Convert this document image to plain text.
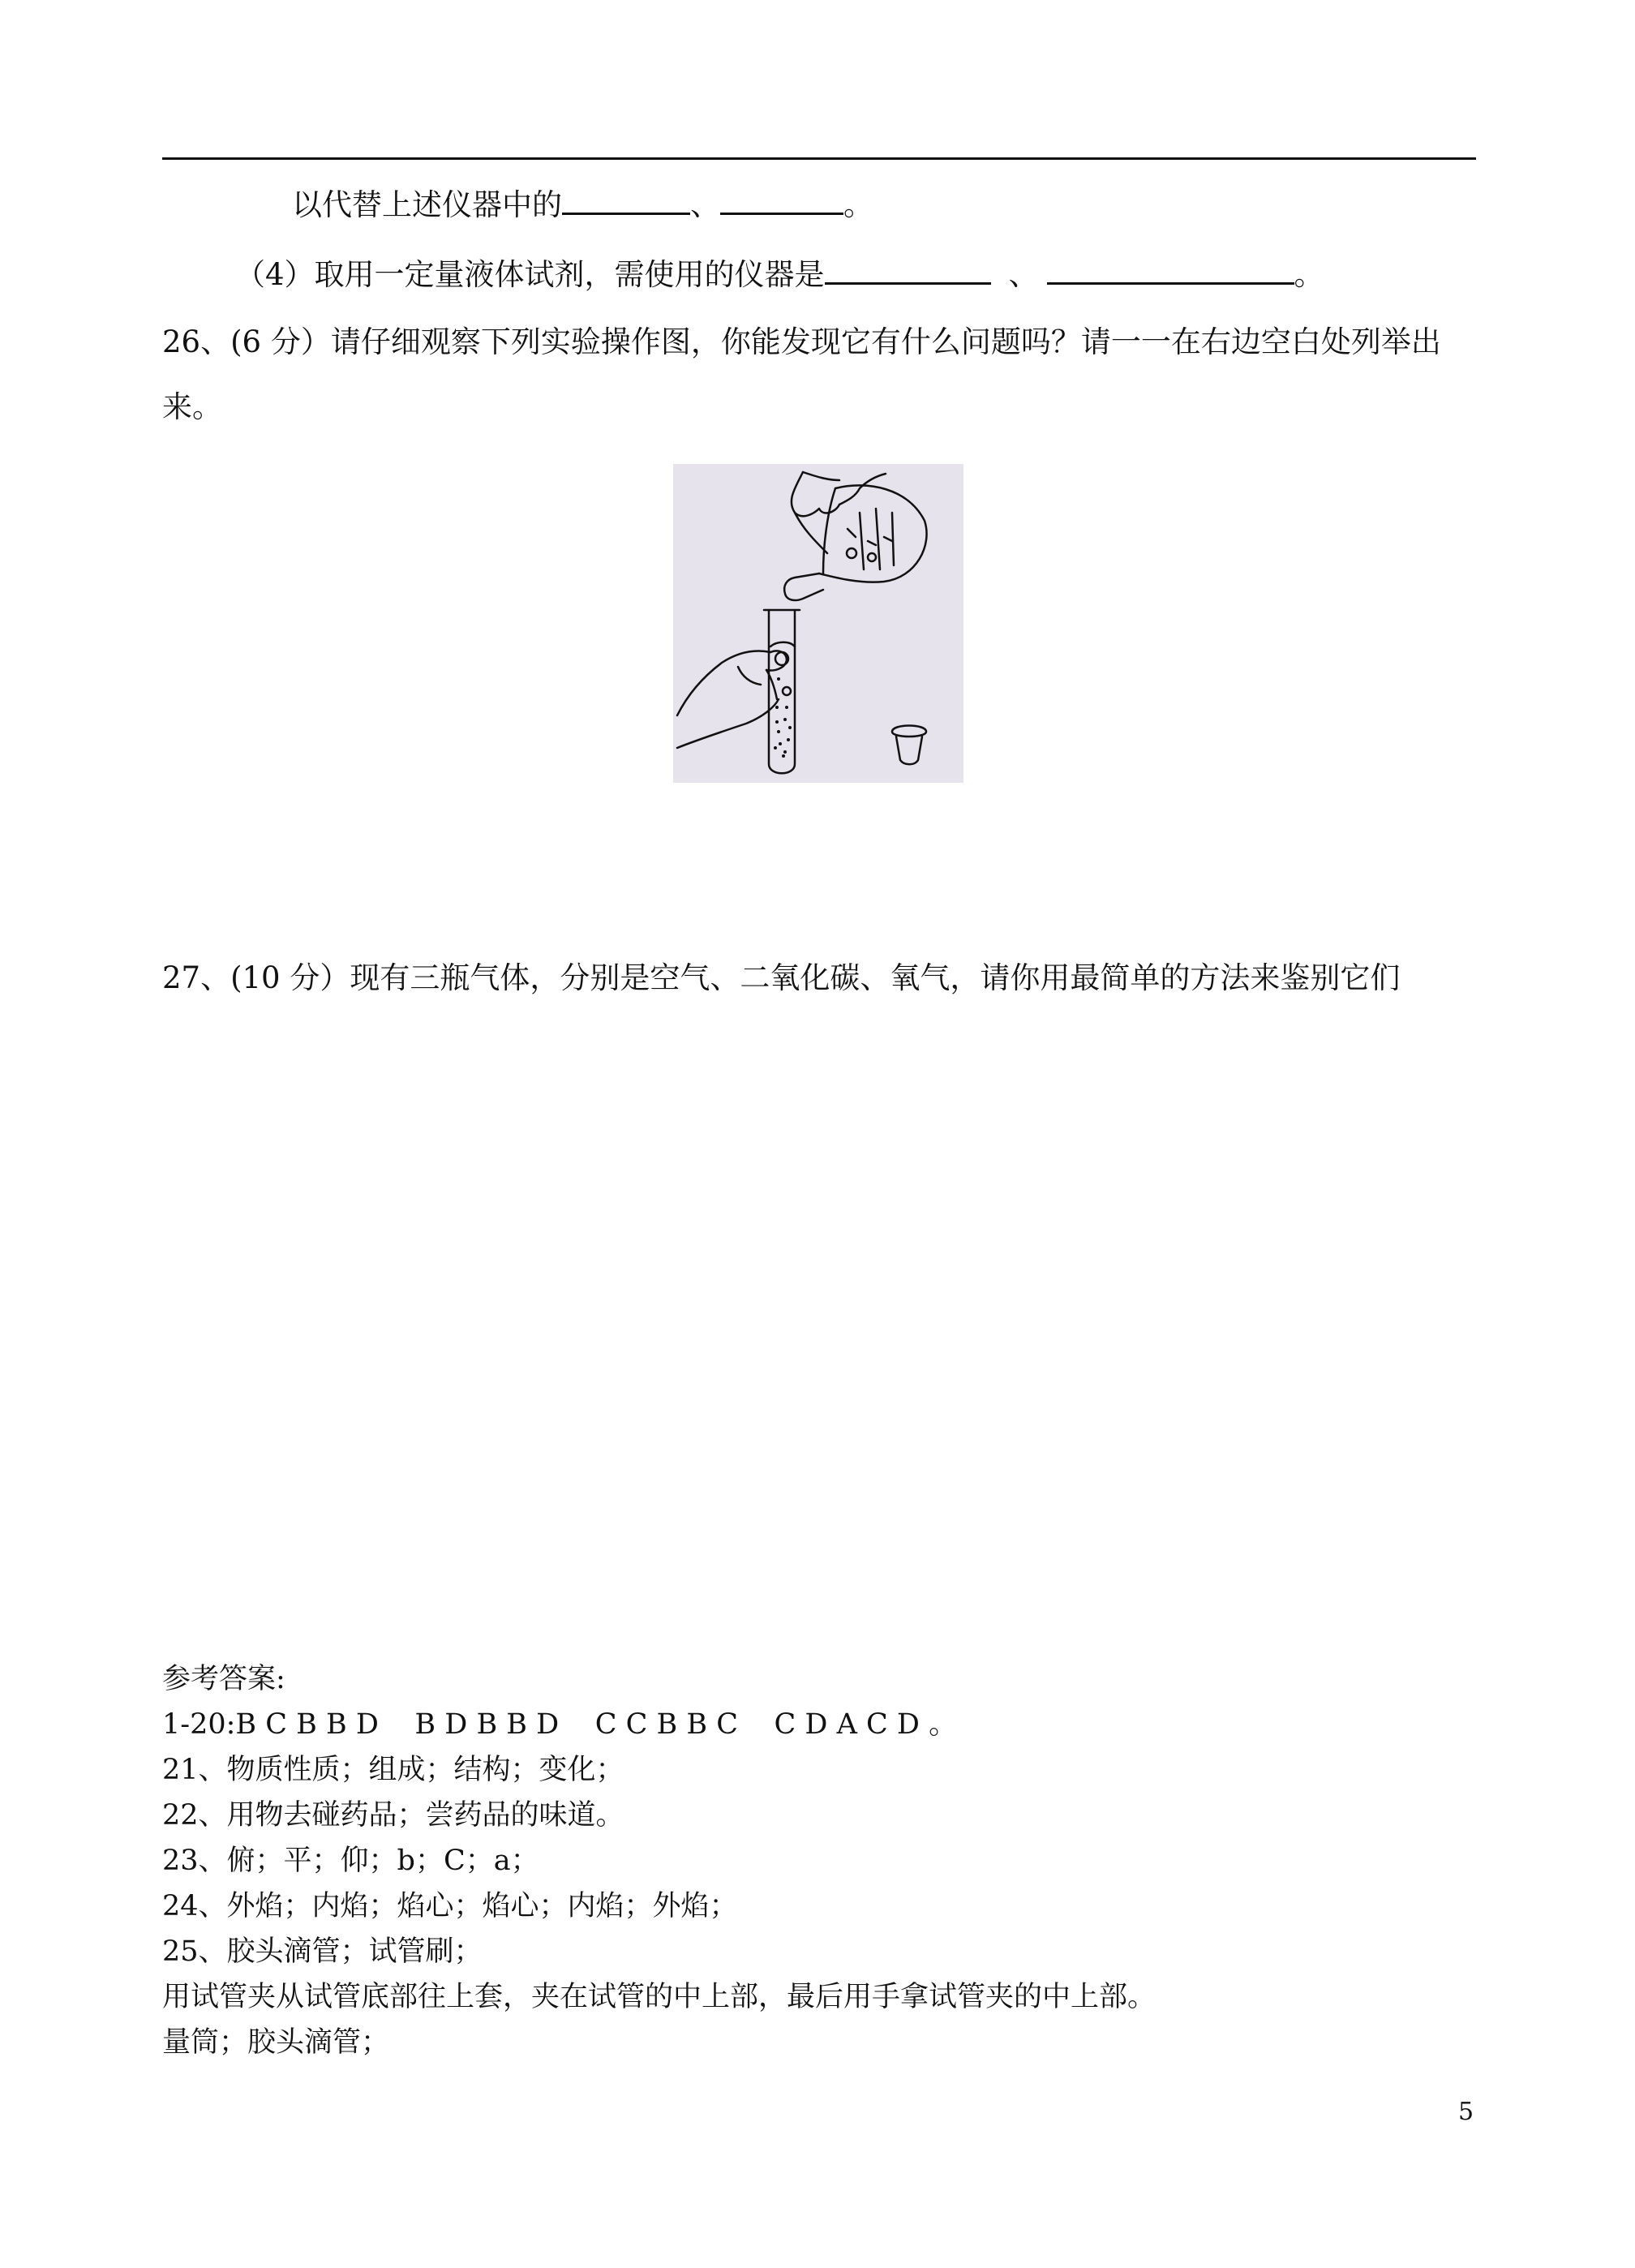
以代替上述仪器中的	、	。
（4）取用一定量液体试剂，需使用的仪器是	、	。
26、(6 分）请仔细观察下列实验操作图，你能发现它有什么问题吗？请一一在右边空白处列举出
来。
27、(10 分）现有三瓶气体，分别是空气、二氧化碳、氧气，请你用最简单的方法来鉴别它们
参考答案:
1-20:B C B B D    B D B B D    C C B B C    C D A C D 。
21、物质性质；组成；结构；变化；
22、用物去碰药品；尝药品的味道。
23、俯；平；仰；b；C；a；
24、外焰；内焰；焰心；焰心；内焰；外焰；
25、胶头滴管；试管刷；
用试管夹从试管底部往上套，夹在试管的中上部，最后用手拿试管夹的中上部。
量筒；胶头滴管；
5
